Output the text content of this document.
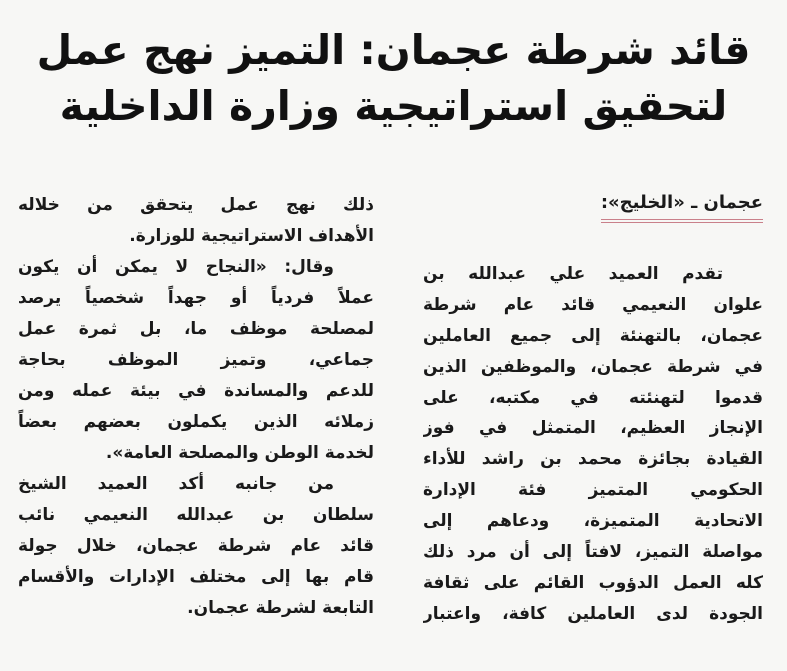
قائد شرطة عجمان: التميز نهج عمل
لتحقيق استراتيجية وزارة الداخلية
عجمان ـ «الخليج»:
تقدم العميد علي عبدالله بن
علوان النعيمي قائد عام شرطة
عجمان، بالتهنئة إلى جميع العاملين
في شرطة عجمان، والموظفين الذين
قدموا لتهنئته في مكتبه، على
الإنجاز العظيم، المتمثل في فوز
القيادة بجائزة محمد بن راشد للأداء
الحكومي المتميز فئة الإدارة
الاتحادية المتميزة، ودعاهم إلى
مواصلة التميز، لافتاً إلى أن مرد ذلك
كله العمل الدؤوب القائم على ثقافة
الجودة لدى العاملين كافة، واعتبار
ذلك نهج عمل يتحقق من خلاله
الأهداف الاستراتيجية للوزارة.
وقال: «النجاح لا يمكن أن يكون
عملاً فردياً أو جهداً شخصياً يرصد
لمصلحة موظف ما، بل ثمرة عمل
جماعي، وتميز الموظف بحاجة
للدعم والمساندة في بيئة عمله ومن
زملائه الذين يكملون بعضهم بعضاً
لخدمة الوطن والمصلحة العامة».
من جانبه أكد العميد الشيخ
سلطان بن عبدالله النعيمي نائب
قائد عام شرطة عجمان، خلال جولة
قام بها إلى مختلف الإدارات والأقسام
التابعة لشرطة عجمان.
